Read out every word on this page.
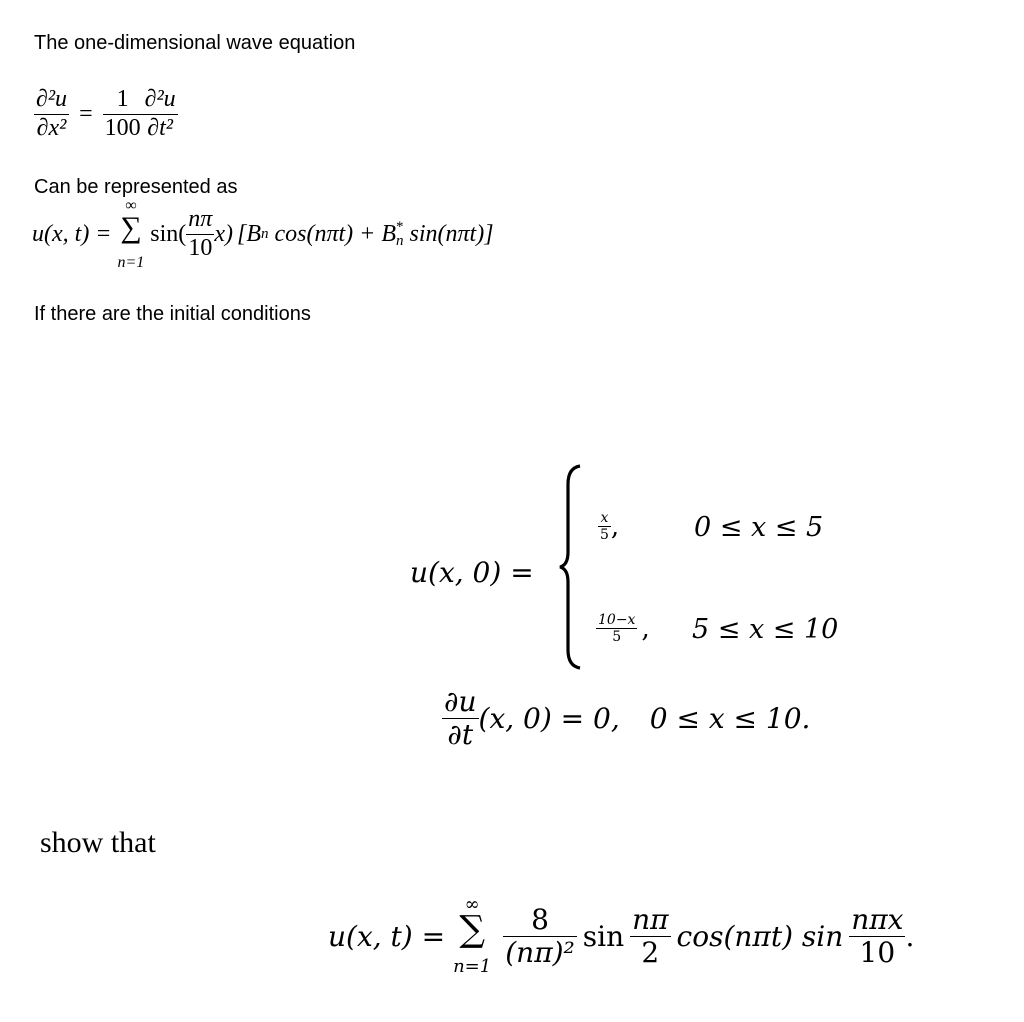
The one-dimensional wave equation
$\frac{\text{∂²u}}{\text{∂x²}} = \frac{1}{100} \frac{\text{∂²u}}{\text{∂t²}}$
Can be represented as
u(x, t) =
∞
∑
n=1
$\sin( \frac{n\pi}{10} x)$ [B n cos(nπt) + B *
n sin(nπt)]
If there are the initial conditions
u(x, 0) =
$\frac{x}{5}$ ,	0 ≤ x ≤ 5
$\frac{10-x}{5}$ , 5 ≤ x ≤ 10
$\frac{\partial u}{\partial t} (x$, 0) = 0, 0 ≤ x ≤ 10.
show that
u(x, t) =
∞
∑
$n=1 \frac{8}{\text{(nπ)²}}$ $\sin \frac{n\pi}{2} \cos(n\pi t)$ $\sin \frac{\text{nπx}}{10}$ .
